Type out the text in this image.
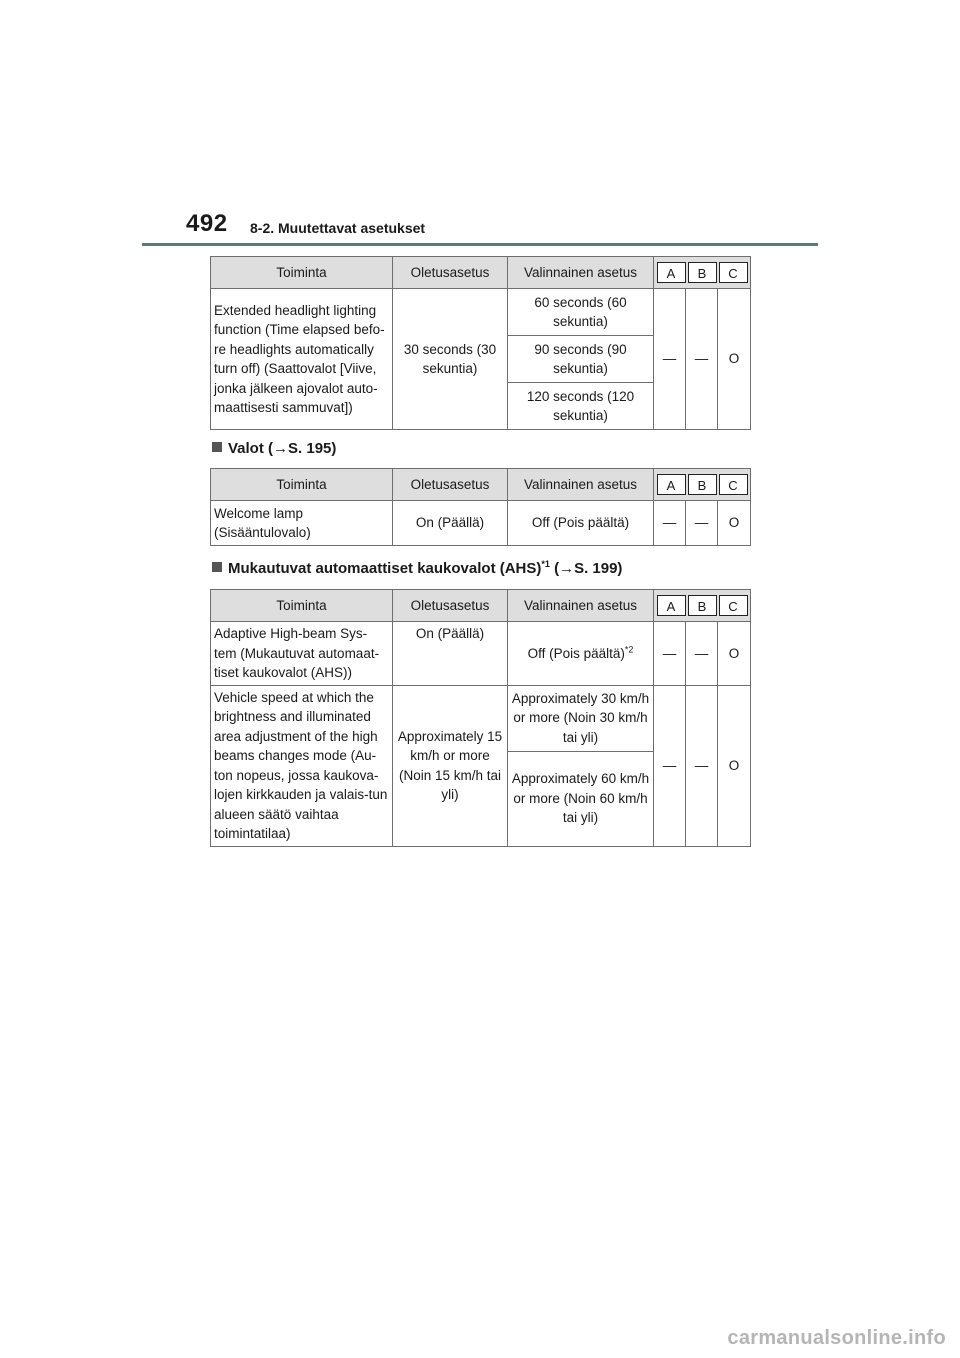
492 8-2. Muutettavat asetukset
Toiminta	Oletusasetus	Valinnainen asetus	A B C		

Extended headlight lighting function (Time elapsed befo-re headlights automatically turn off) (Saattovalot [Viive, jonka jälkeen ajovalot auto-maattisesti sammuvat])	30 seconds (30 sekuntia)	60 seconds (60 sekuntia)	—	—	O
		90 seconds (90 sekuntia)			
		120 seconds (120 sekuntia)			
Valot (→S. 195)
Toiminta	Oletusasetus	Valinnainen asetus	A B C		

Welcome lamp (Sisääntulovalo)	On (Päällä)	Off (Pois päältä)	—	—	O
Mukautuvat automaattiset kaukovalot (AHS)$^{*1}$ (→S. 199)
Toiminta	Oletusasetus	Valinnainen asetus	A B C		

Adaptive High-beam Sys-tem (Mukautuvat automaat-tiset kaukovalot (AHS))	On (Päällä)	Off (Pois päältä)$^{*2}$	—	—	O
Vehicle speed at which the brightness and illuminated area adjustment of the high beams changes mode (Au-ton nopeus, jossa kaukova-lojen kirkkauden ja valais-tun alueen säätö vaihtaa toimintatilaa)	Approximately 15 km/h or more (Noin 15 km/h tai yli)	Approximately 30 km/h or more (Noin 30 km/h tai yli)	—	—	O
		Approximately 60 km/h or more (Noin 60 km/h tai yli)			
carmanualsonline.info
